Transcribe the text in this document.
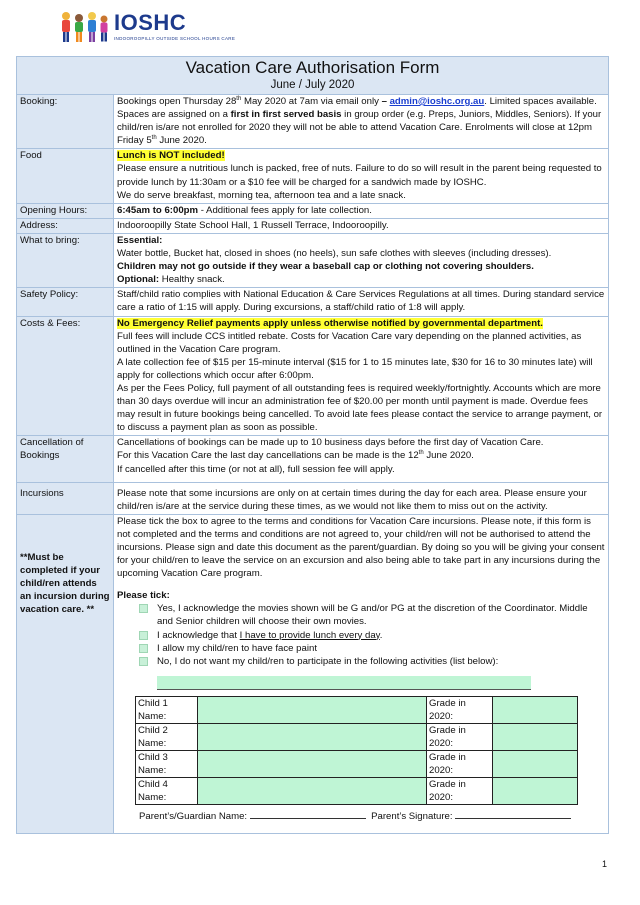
IOSHC
INDOOROOPILLY OUTSIDE SCHOOL HOURS CARE
Vacation Care Authorisation Form
June / July 2020

Booking:	Bookings open Thursday 28th May 2020 at 7am via email only – admin@ioshc.org.au. Limited spaces available. Spaces are assigned on a first in first served basis in group order (e.g. Preps, Juniors, Middles, Seniors). If your child/ren is/are not enrolled for 2020 they will not be able to attend Vacation Care. Enrolments will close at 12pm Friday 5th June 2020.
Food	Lunch is NOT included!
Please ensure a nutritious lunch is packed, free of nuts. Failure to do so will result in the parent being requested to provide lunch by 11:30am or a $10 fee will be charged for a sandwich made by IOSHC.
We do serve breakfast, morning tea, afternoon tea and a late snack.
Opening Hours:	6:45am to 6:00pm - Additional fees apply for late collection.
Address:	Indooroopilly State School Hall, 1 Russell Terrace, Indooroopilly.
What to bring:	Essential:
Water bottle, Bucket hat, closed in shoes (no heels), sun safe clothes with sleeves (including dresses).
Children may not go outside if they wear a baseball cap or clothing not covering shoulders.
Optional: Healthy snack.
Safety Policy:	Staff/child ratio complies with National Education & Care Services Regulations at all times. During standard service care a ratio of 1:15 will apply. During excursions, a staff/child ratio of 1:8 will apply.
Costs & Fees:	No Emergency Relief payments apply unless otherwise notified by governmental department.
Full fees will include CCS intitled rebate. Costs for Vacation Care vary depending on the planned activities, as outlined in the Vacation Care program.
A late collection fee of $15 per 15-minute interval ($15 for 1 to 15 minutes late, $30 for 16 to 30 minutes late) will apply for collections which occur after 6:00pm.
As per the Fees Policy, full payment of all outstanding fees is required weekly/fortnightly. Accounts which are more than 30 days overdue will incur an administration fee of $20.00 per month until payment is made. Overdue fees may result in future bookings being cancelled. To avoid late fees please contact the service to arrange payment, or to discuss a payment plan as soon as possible.
Cancellation of Bookings	Cancellations of bookings can be made up to 10 business days before the first day of Vacation Care.
For this Vacation Care the last day cancellations can be made is the 12th June 2020.
If cancelled after this time (or not at all), full session fee will apply.
Incursions	Please note that some incursions are only on at certain times during the day for each area. Please ensure your child/ren is/are at the service during these times, as we would not like them to miss out on the activity.
**Must be completed if your child/ren attends an incursion during vacation care. **	
Please tick the box to agree to the terms and conditions for Vacation Care incursions. Please note, if this form is not completed and the terms and conditions are not agreed to, your child/ren will not be authorised to attend the incursions. Please sign and date this document as the parent/guardian. By doing so you will be giving your consent for your child/ren to leave the service on an excursion and also being able to take part in any incursions during the upcoming Vacation Care program.
Please tick:
Yes, I acknowledge the movies shown will be G and/or PG at the discretion of the Coordinator. Middle and Senior children will choose their own movies.
I acknowledge that I have to provide lunch every day.
I allow my child/ren to have face paint
No, I do not want my child/ren to participate in the following activities (list below):
Child 1 Name:		Grade in 2020:	
Child 2 Name:		Grade in 2020:	
Child 3 Name:		Grade in 2020:	
Child 4 Name:		Grade in 2020:	
Parent’s/Guardian Name:	Parent’s Signature:
1
